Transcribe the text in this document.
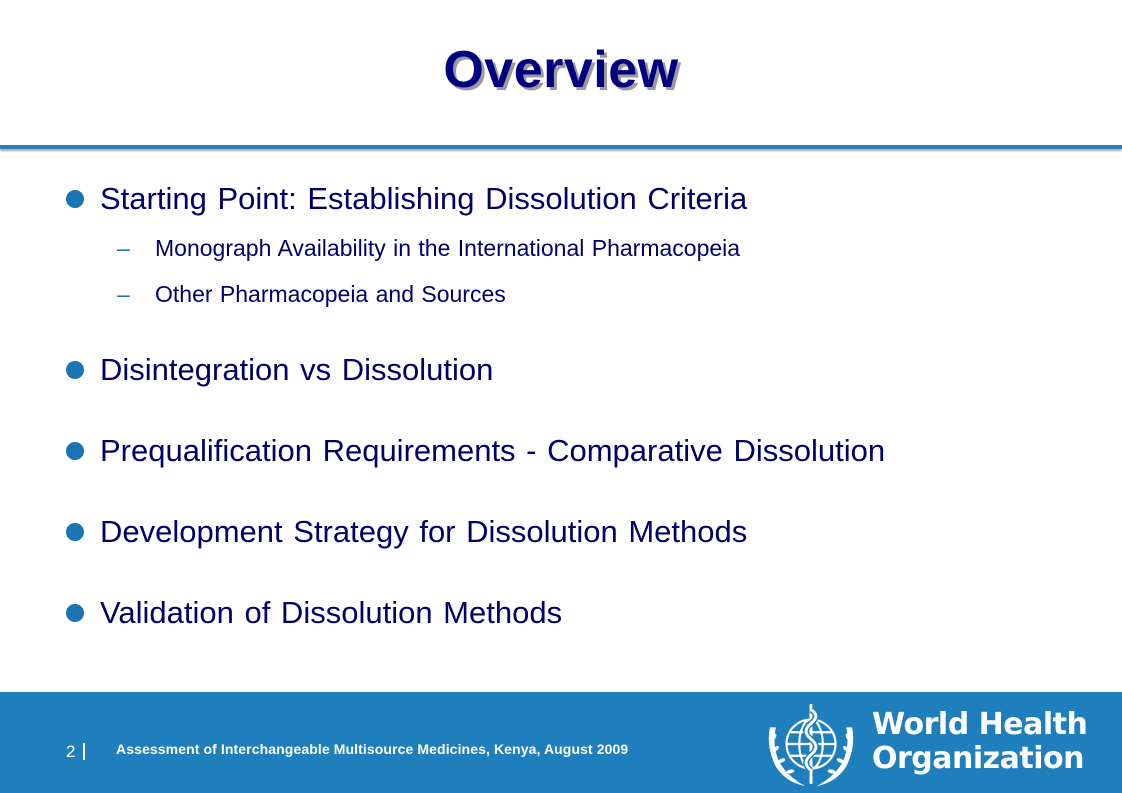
Overview
Starting Point: Establishing Dissolution Criteria
– Monograph Availability in the International Pharmacopeia
– Other Pharmacopeia and Sources
Disintegration vs Dissolution
Prequalification Requirements - Comparative Dissolution
Development Strategy for Dissolution Methods
Validation of Dissolution Methods
2	Assessment of Interchangeable Multisource Medicines, Kenya, August 2009
World Health
Organization
